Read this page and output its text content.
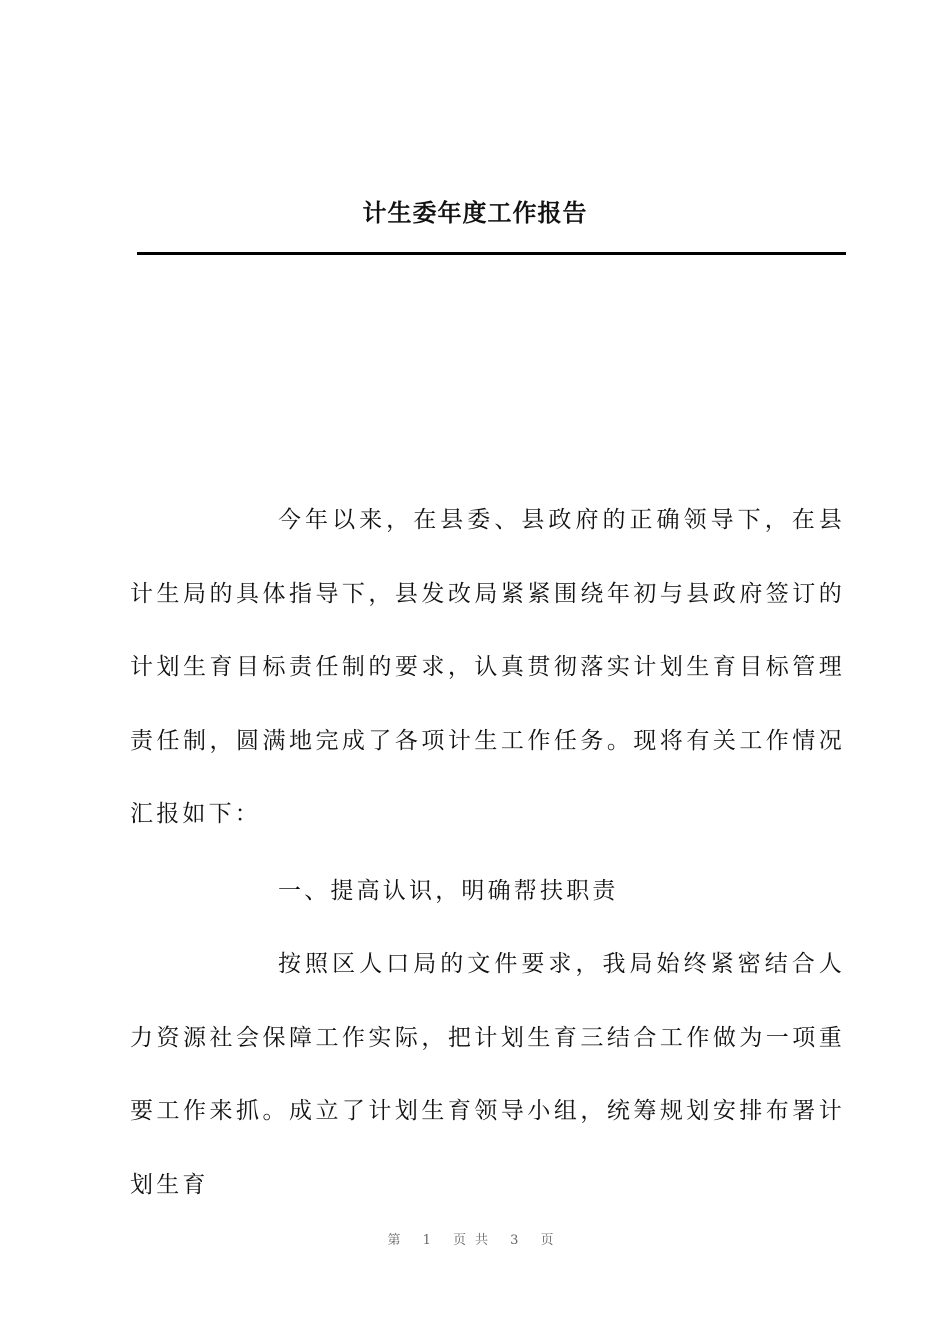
计生委年度工作报告

今年以来，在县委、县政府的正确领导下，在县计生局的具体指导下，县发改局紧紧围绕年初与县政府签订的计划生育目标责任制的要求，认真贯彻落实计划生育目标管理责任制，圆满地完成了各项计生工作任务。现将有关工作情况汇报如下：

一、提高认识，明确帮扶职责

按照区人口局的文件要求，我局始终紧密结合人力资源社会保障工作实际，把计划生育三结合工作做为一项重要工作来抓。成立了计划生育领导小组，统筹规划安排布署计划生育

第 1 页共 3 页
